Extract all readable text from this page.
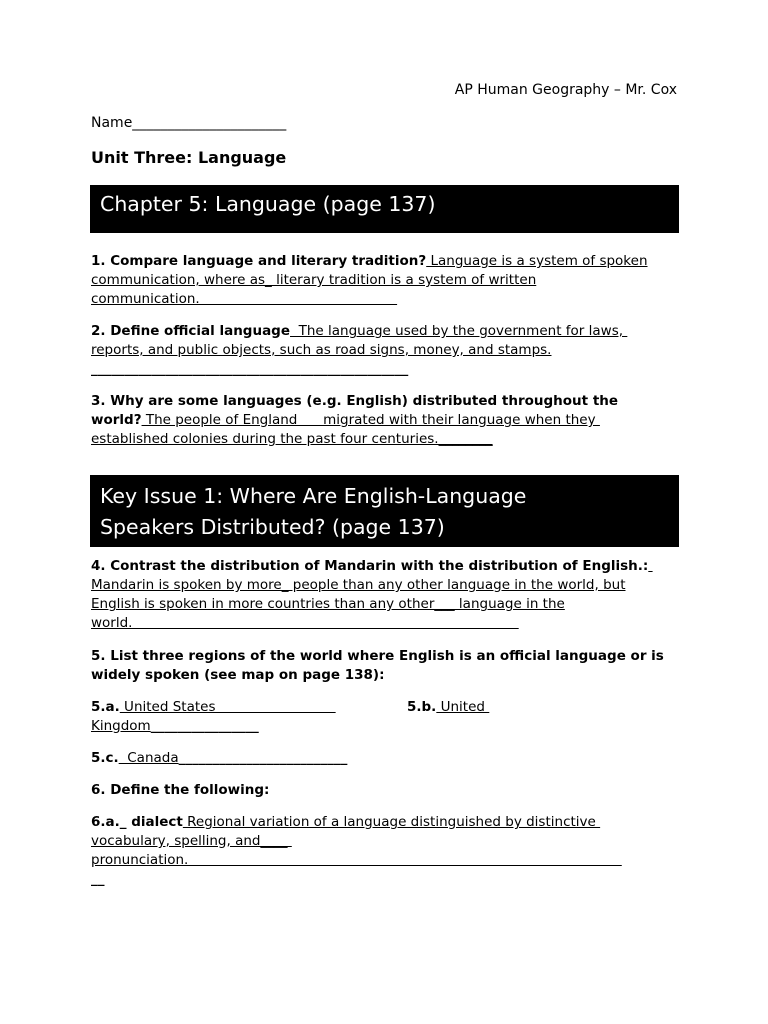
AP Human Geography – Mr. Cox
Name______________________
Unit Three: Language
Chapter 5: Language (page 137)
1. Compare language and literary tradition? Language is a system of spoken
communication, where as_ literary tradition is a system of written
communication.
2. Define official language  The language used by the government for laws,
reports, and public objects, such as road signs, money, and stamps.
_______________________________________________
3. Why are some languages (e.g. English) distributed throughout the
world? The people of England      migrated with their language when they
established colonies during the past four centuries.________
Key Issue 1: Where Are English-Language
Speakers Distributed? (page 137)
4. Contrast the distribution of Mandarin with the distribution of English.:
Mandarin is spoken by more_ people than any other language in the world, but
English is spoken in more countries than any other___ language in the
world.
5. List three regions of the world where English is an official language or is
widely spoken (see map on page 138):
5.a. United States	5.b. United
Kingdom________________
5.c.  Canada_________________________
6. Define the following:
6.a._ dialect Regional variation of a language distinguished by distinctive
vocabulary, spelling, and____
pronunciation.
__
